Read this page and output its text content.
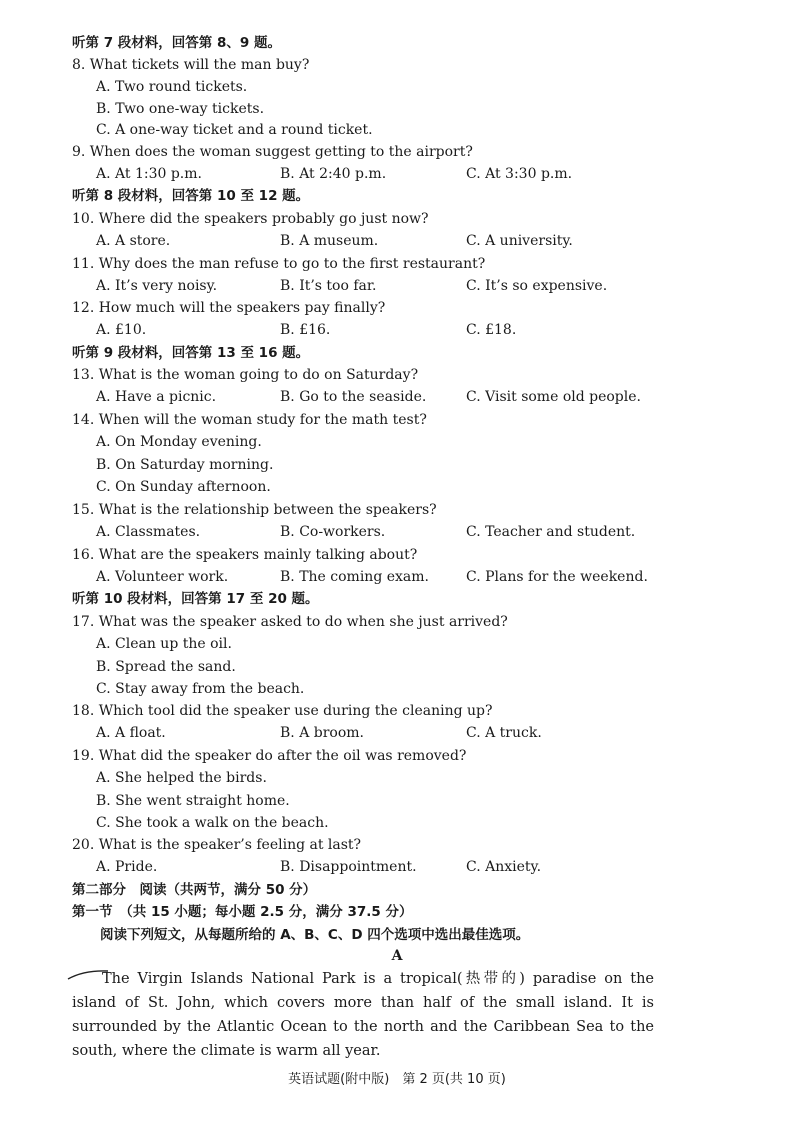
听第 7 段材料，回答第 8、9 题。
8. What tickets will the man buy?
A. Two round tickets.
B. Two one-way tickets.
C. A one-way ticket and a round ticket.
9. When does the woman suggest getting to the airport?
A. At 1:30 p.m.	B. At 2:40 p.m.	C. At 3:30 p.m.
听第 8 段材料，回答第 10 至 12 题。
10. Where did the speakers probably go just now?
A. A store.	B. A museum.	C. A university.
11. Why does the man refuse to go to the first restaurant?
A. It’s very noisy.	B. It’s too far.	C. It’s so expensive.
12. How much will the speakers pay finally?
A. £10.	B. £16.	C. £18.
听第 9 段材料，回答第 13 至 16 题。
13. What is the woman going to do on Saturday?
A. Have a picnic.	B. Go to the seaside.	C. Visit some old people.
14. When will the woman study for the math test?
A. On Monday evening.
B. On Saturday morning.
C. On Sunday afternoon.
15. What is the relationship between the speakers?
A. Classmates.	B. Co-workers.	C. Teacher and student.
16. What are the speakers mainly talking about?
A. Volunteer work.	B. The coming exam.	C. Plans for the weekend.
听第 10 段材料，回答第 17 至 20 题。
17. What was the speaker asked to do when she just arrived?
A. Clean up the oil.
B. Spread the sand.
C. Stay away from the beach.
18. Which tool did the speaker use during the cleaning up?
A. A float.	B. A broom.	C. A truck.
19. What did the speaker do after the oil was removed?
A. She helped the birds.
B. She went straight home.
C. She took a walk on the beach.
20. What is the speaker’s feeling at last?
A. Pride.	B. Disappointment.	C. Anxiety.
第二部分　阅读（共两节，满分 50 分）
第一节　（共 15 小题；每小题 2.5 分，满分 37.5 分）
阅读下列短文，从每题所给的 A、B、C、D 四个选项中选出最佳选项。
A
The Virgin Islands National Park is a tropical(热带的) paradise on the island of St. John, which covers more than half of the small island. It is surrounded by the Atlantic Ocean to the north and the Caribbean Sea to the south, where the climate is warm all year.
英语试题(附中版)　第 2 页(共 10 页)
